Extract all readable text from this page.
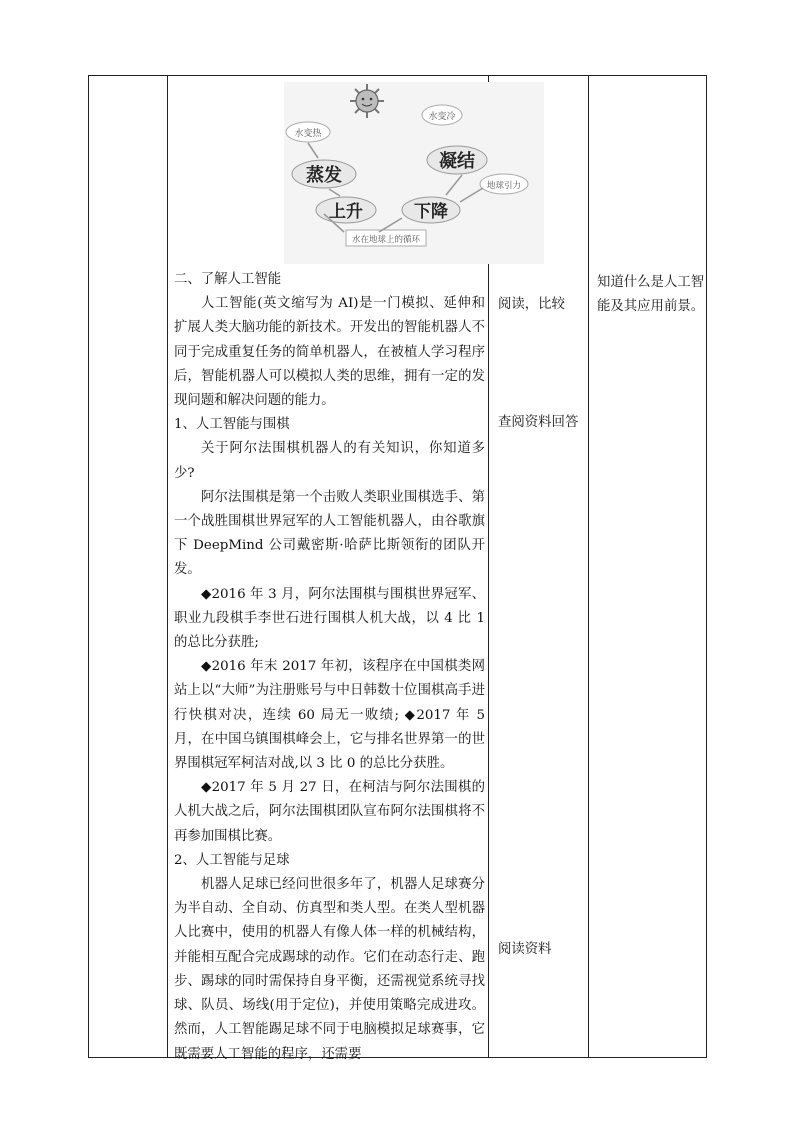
水变热
水变冷
蒸发
凝结
上升	下降
地球引力
水在地球上的循环

二、了解人工智能

人工智能(英文缩写为 AI)是一门模拟、延伸和扩展人类大脑功能的新技术。开发出的智能机器人不同于完成重复任务的简单机器人，在被植人学习程序后，智能机器人可以模拟人类的思维，拥有一定的发现问题和解决问题的能力。

1、人工智能与围棋

关于阿尔法围棋机器人的有关知识，你知道多少?

阿尔法围棋是第一个击败人类职业围棋选手、第一个战胜围棋世界冠军的人工智能机器人，由谷歌旗下 DeepMind 公司戴密斯·哈萨比斯领衔的团队开发。

◆2016 年 3 月，阿尔法围棋与围棋世界冠军、职业九段棋手李世石进行围棋人机大战，以 4 比 1 的总比分获胜;

◆2016 年末 2017 年初，该程序在中国棋类网站上以“大师”为注册账号与中日韩数十位围棋高手进行快棋对决，连续 60 局无一败绩; ◆2017 年 5 月，在中国乌镇围棋峰会上，它与排名世界第一的世界围棋冠军柯洁对战,以 3 比 0 的总比分获胜。

◆2017 年 5 月 27 日，在柯洁与阿尔法围棋的人机大战之后，阿尔法围棋团队宣布阿尔法围棋将不再参加围棋比赛。

2、人工智能与足球

机器人足球已经问世很多年了，机器人足球赛分为半自动、全自动、仿真型和类人型。在类人型机器人比赛中，使用的机器人有像人体一样的机械结构，并能相互配合完成踢球的动作。它们在动态行走、跑步、踢球的同时需保持自身平衡，还需视觉系统寻找球、队员、场线(用于定位)，并使用策略完成进攻。 然而，人工智能踢足球不同于电脑模拟足球赛事，它既需要人工智能的程序，还需要

阅读，比较
查阅资料回答
阅读资料
知道什么是人工智能及其应用前景。
